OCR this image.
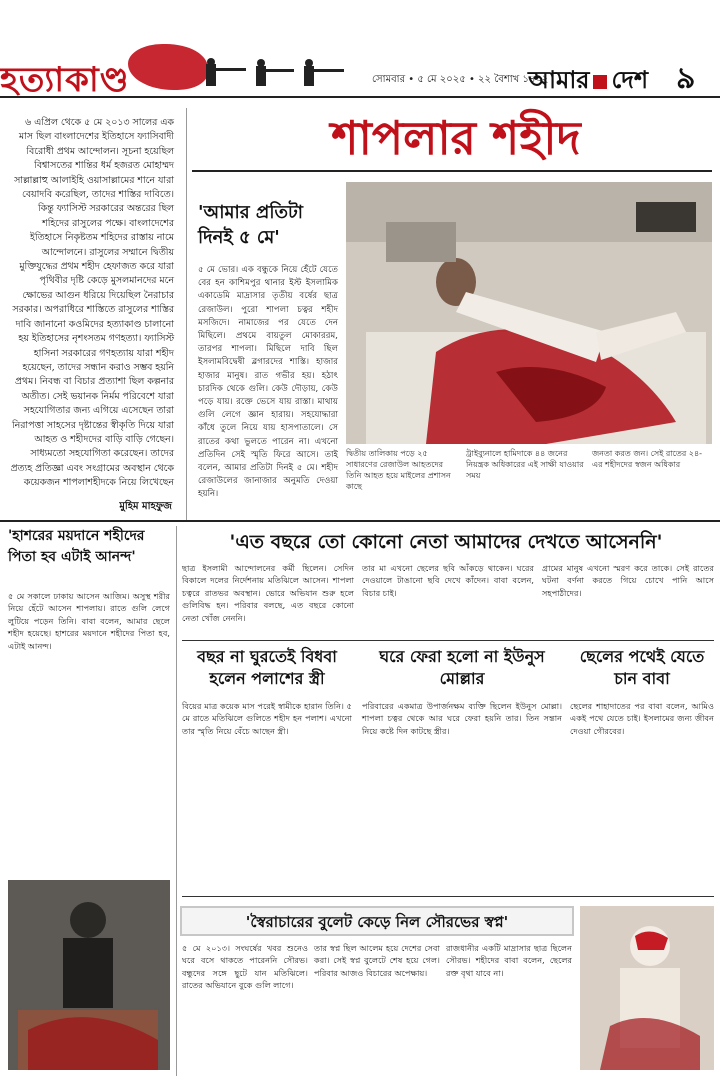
হত্যাকাণ্ড	সোমবার • ৫ মে ২০২৫ • ২২ বৈশাখ ১৪৩২
আমার দেশ ৯

৬ এপ্রিল থেকে ৫ মে ২০১৩ সালের এক মাস ছিল বাংলাদেশের ইতিহাসে ফ্যাসিবাদী বিরোধী প্রথম আন্দোলন। সূচনা হয়েছিল বিশ্বাসতের শান্তির ধর্ম হজরত মোহাম্মদ সাল্লাল্লাহু আলাইহি ওয়াসাল্লামের শানে যারা বেয়াদবি করেছিল, তাদের শাস্তির দাবিতে। কিন্তু ফ্যাসিস্ট সরকারের অন্তরের ছিল শহিদের রাসুলের পক্ষে। বাংলাদেশের ইতিহাসে নিকৃষ্টতম শহিদের রাস্তায় নামে আন্দোলনে। রাসুলের সম্মানে দ্বিতীয় মুক্তিযুদ্ধের প্রথম শহীদ হেফাজত করে যারা পৃথিবীর দৃষ্টি কেড়ে মুসলমানদের মনে ক্ষোভের আগুন ধরিয়ে দিয়েছিল নৈরাচার সরকার। অপরাধিরে শাস্তিতে রাসুলের শাস্তির দাবি জানানো কওমিদের হত্যাকাণ্ড চালানো হয় ইতিহাসের নৃশংসতম গণহত্যা। ফ্যাসিস্ট হাসিনা সরকারের গণহত্যায় যারা শহীদ হয়েছেন, তাদের সন্ধান করাও সম্ভব হয়নি প্রথম। নিবন্ধ বা বিচার প্রত্যাশা ছিল কল্পনার অতীত। সেই ভয়ানক নির্মম পরিবেশে যারা সহযোগিতার জন্য এগিয়ে এসেছেন তারা নিরাপত্তা সাহসের দৃষ্টান্তের স্বীকৃতি দিয়ে যারা আহত ও শহীদদের বাড়ি বাড়ি গেছেন। সাধ্যমতো সহযোগিতা করেছেন। তাদের প্রত্যহ প্রতিজ্ঞা এবং সংগ্রামের অবস্থান থেকে কয়েকজন শাপলাশহীদকে নিয়ে লিখেছেন

মুহিম মাহফুজ
শাপলার শহীদ
'আমার প্রতিটা দিনই ৫ মে'
৫ মে ভোর। এক বন্ধুকে নিয়ে হেঁটে যেতে বের হন কাশিমপুর থানার ইস্ট ইসলামিক একাডেমি মাদ্রাসার তৃতীয় বর্ষের ছাত্র রেজাউল। পুরো শাপলা চত্বর শহীদ মসজিদে। নামাজের পর যেতে দেন মিছিলে। প্রথমে বায়তুল মোকাররম, তারপর শাপলা। মিছিলে দাবি ছিল ইসলামবিদ্বেষী ব্লগারদের শাস্তি। হাজার হাজার মানুষ। রাত গভীর হয়। হঠাৎ চারদিক থেকে গুলি। কেউ দৌড়ায়, কেউ পড়ে যায়। রক্তে ভেসে যায় রাস্তা। মাথায় গুলি লেগে জ্ঞান হারায়। সহযোদ্ধারা কাঁধে তুলে নিয়ে যায় হাসপাতালে। সে রাতের কথা ভুলতে পারেন না। এখনো প্রতিদিন সেই স্মৃতি ফিরে আসে। তাই বলেন, আমার প্রতিটা দিনই ৫ মে। শহীদ রেজাউলের জানাজার অনুমতি দেওয়া হয়নি।
দ্বিতীয় তালিকায় পড়ে ২৫ সাধারণের রেজাউল আহতদের তিনি আহত হয়ে মাইলের প্রশাসন কাছে
ট্রাইব্যুনালে হামিদাকে ৪৪ জনের নিয়ন্ত্রক অধিকারের এই সাক্ষী যাওয়ার সময়
জনতা করত জন। সেই রাতের ২৪-এর শহীদদের স্বজন অধিকার
'হাশরের ময়দানে শহীদের পিতা হব এটাই আনন্দ'
৫ মে সকালে ঢাকায় আসেন আজিম। অসুস্থ শরীর নিয়ে হেঁটে আসেন শাপলায়। রাতে গুলি লেগে লুটিয়ে পড়েন তিনি। বাবা বলেন, আমার ছেলে শহীদ হয়েছে। হাশরের ময়দানে শহীদের পিতা হব, এটাই আনন্দ।
'এত বছরে তো কোনো নেতা আমাদের দেখতে আসেননি'
ছাত্র ইসলামী আন্দোলনের কর্মী ছিলেন। সেদিন বিকালে দলের নির্দেশনায় মতিঝিলে আসেন। শাপলা চত্বরে রাতভর অবস্থান। ভোরে অভিযান শুরু হলে গুলিবিদ্ধ হন। পরিবার বলছে, এত বছরে কোনো নেতা খোঁজ নেননি।
তার মা এখনো ছেলের ছবি আঁকড়ে থাকেন। ঘরের দেওয়ালে টাঙানো ছবি দেখে কাঁদেন। বাবা বলেন, বিচার চাই।
গ্রামের মানুষ এখনো স্মরণ করে তাকে। সেই রাতের ঘটনা বর্ণনা করতে গিয়ে চোখে পানি আসে সহপাঠীদের।
বছর না ঘুরতেই বিধবা হলেন পলাশের স্ত্রী
বিয়ের মাত্র কয়েক মাস পরেই স্বামীকে হারান তিনি। ৫ মে রাতে মতিঝিলে গুলিতে শহীদ হন পলাশ। এখনো তার স্মৃতি নিয়ে বেঁচে আছেন স্ত্রী।
ঘরে ফেরা হলো না ইউনুস মোল্লার
পরিবারের একমাত্র উপার্জনক্ষম ব্যক্তি ছিলেন ইউনুস মোল্লা। শাপলা চত্বর থেকে আর ঘরে ফেরা হয়নি তার। তিন সন্তান নিয়ে কষ্টে দিন কাটছে স্ত্রীর।
ছেলের পথেই যেতে চান বাবা
ছেলের শাহাদাতের পর বাবা বলেন, আমিও একই পথে যেতে চাই। ইসলামের জন্য জীবন দেওয়া গৌরবের।
'স্বৈরাচারের বুলেট কেড়ে নিল সৌরভের স্বপ্ন'
৫ মে ২০১৩। সংঘর্ষের খবর শুনেও ঘরে বসে থাকতে পারেননি সৌরভ। বন্ধুদের সঙ্গে ছুটে যান মতিঝিলে। রাতের অভিযানে বুকে গুলি লাগে।
তার স্বপ্ন ছিল আলেম হয়ে দেশের সেবা করা। সেই স্বপ্ন বুলেটে শেষ হয়ে গেল। পরিবার আজও বিচারের অপেক্ষায়।
রাজধানীর একটি মাদ্রাসার ছাত্র ছিলেন সৌরভ। শহীদের বাবা বলেন, ছেলের রক্ত বৃথা যাবে না।
